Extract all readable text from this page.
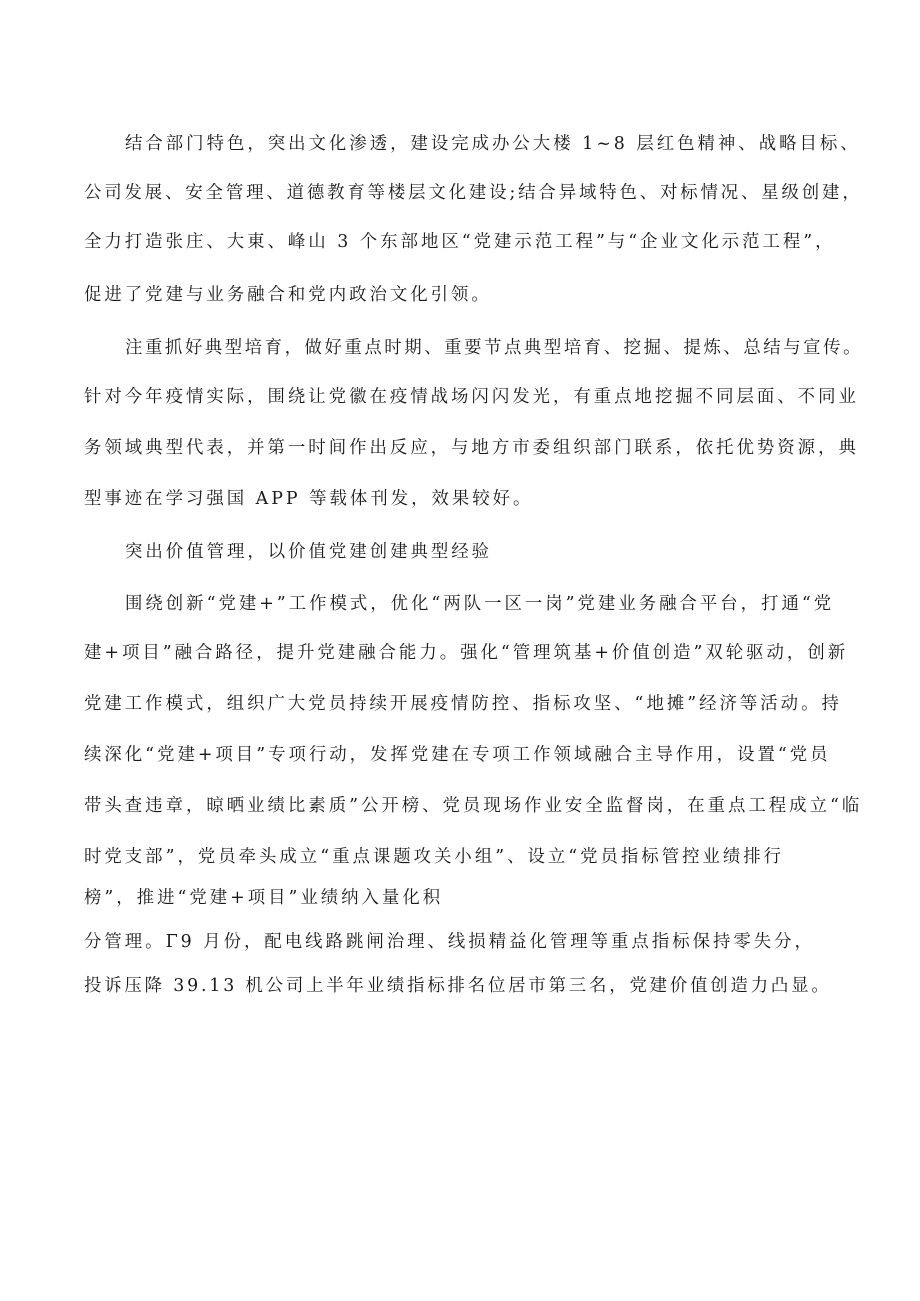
结合部门特色，突出文化渗透，建设完成办公大楼 1~8 层红色精神、战略目标、
公司发展、安全管理、道德教育等楼层文化建设;结合异域特色、对标情况、星级创建，
全力打造张庄、大東、峰山 3 个东部地区“党建示范工程”与“企业文化示范工程”，
促进了党建与业务融合和党内政治文化引领。
注重抓好典型培育，做好重点时期、重要节点典型培育、挖掘、提炼、总结与宣传。
针对今年疫情实际，围绕让党徽在疫情战场闪闪发光，有重点地挖掘不同层面、不同业
务领域典型代表，并第一时间作出反应，与地方市委组织部门联系，依托优势资源，典
型事迹在学习强国 APP 等载体刊发，效果较好。
突出价值管理，以价值党建创建典型经验
围绕创新“党建+”工作模式，优化“两队一区一岗”党建业务融合平台，打通“党
建+项目”融合路径，提升党建融合能力。强化“管理筑基+价值创造”双轮驱动，创新
党建工作模式，组织广大党员持续开展疫情防控、指标攻坚、“地摊”经济等活动。持
续深化“党建+项目”专项行动，发挥党建在专项工作领域融合主导作用，设置“党员
带头查违章，晾晒业绩比素质”公开榜、党员现场作业安全监督岗，在重点工程成立“临
时党支部”，党员牵头成立“重点课题攻关小组”、设立“党员指标管控业绩排行
榜”，推进“党建+项目”业绩纳入量化积
分管理。Γ9 月份，配电线路跳闸治理、线损精益化管理等重点指标保持零失分，
投诉压降 39.13 机公司上半年业绩指标排名位居市第三名，党建价值创造力凸显。
